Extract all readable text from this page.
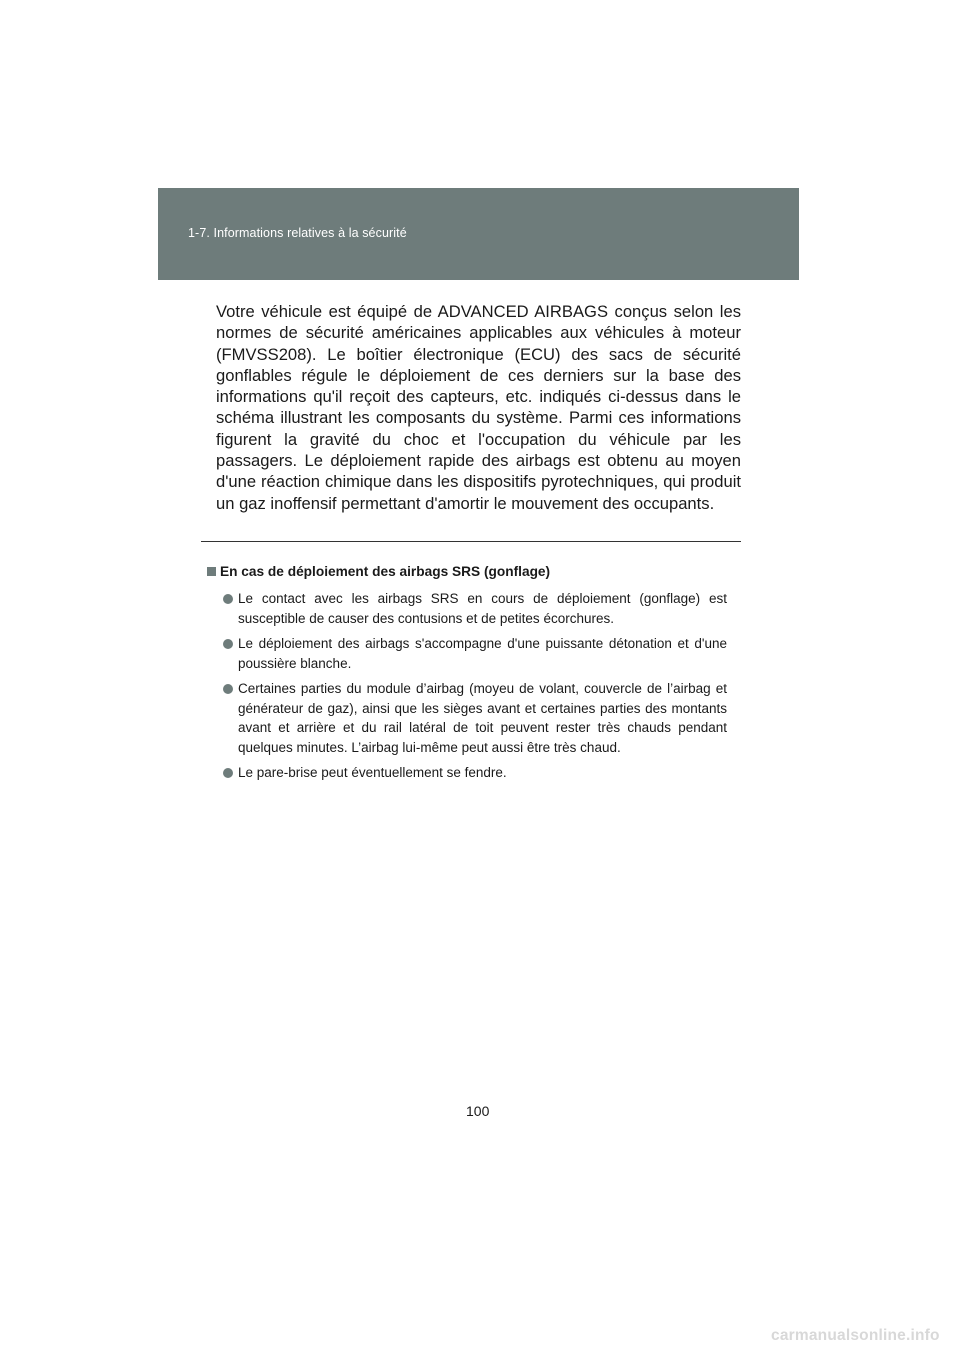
1-7. Informations relatives à la sécurité

Votre véhicule est équipé de ADVANCED AIRBAGS conçus selon les normes de sécurité américaines applicables aux véhicules à moteur (FMVSS208). Le boîtier électronique (ECU) des sacs de sécurité gonflables régule le déploiement de ces derniers sur la base des informations qu'il reçoit des capteurs, etc. indiqués ci-dessus dans le schéma illustrant les composants du système. Parmi ces informations figurent la gravité du choc et l'occupation du véhicule par les passagers. Le déploiement rapide des airbags est obtenu au moyen d'une réaction chimique dans les dispositifs pyrotechniques, qui produit un gaz inoffensif permettant d'amortir le mouvement des occupants.

En cas de déploiement des airbags SRS (gonflage)
Le contact avec les airbags SRS en cours de déploiement (gonflage) est susceptible de causer des contusions et de petites écorchures.
Le déploiement des airbags s'accompagne d'une puissante détonation et d'une poussière blanche.
Certaines parties du module d’airbag (moyeu de volant, couvercle de l’airbag et générateur de gaz), ainsi que les sièges avant et certaines parties des montants avant et arrière et du rail latéral de toit peuvent rester très chauds pendant quelques minutes. L’airbag lui-même peut aussi être très chaud.
Le pare-brise peut éventuellement se fendre.
100
carmanualsonline.info
